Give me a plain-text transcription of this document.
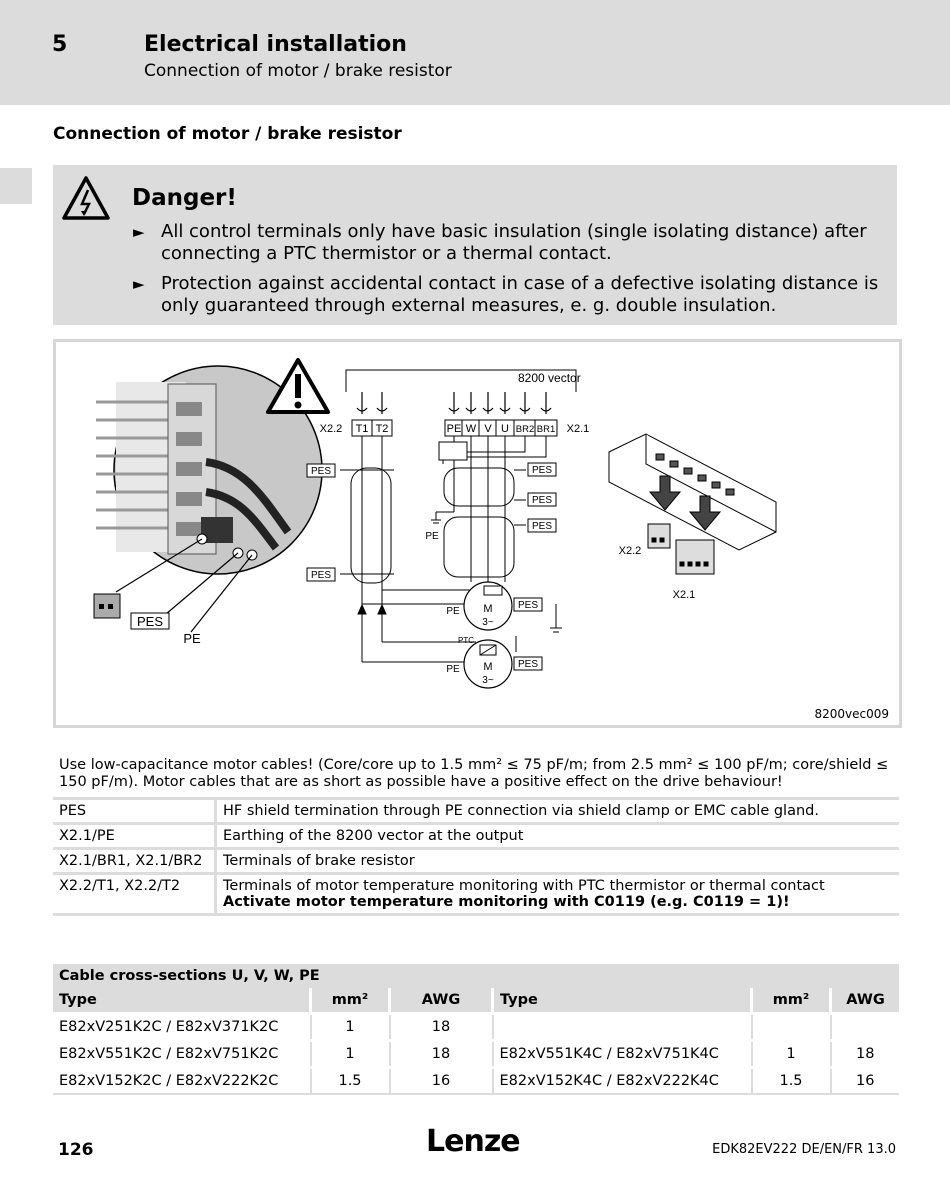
5	Electrical installation
Connection of motor / brake resistor
Connection of motor / brake resistor
Danger!
► All control terminals only have basic insulation (single isolating distance) after connecting a PTC thermistor or a thermal contact.
► Protection against accidental contact in case of a defective isolating distance is only guaranteed through external measures, e. g. double insulation.
PES
PE
8200 vector
X2.2 T1 T2	PE W V U BR2 BR1 X2.1
PES
PES
PES
PES
PES
PES
PES
PE
M
3~
PE
M
3~
PTC
PE
X2.2
X2.1
8200vec009
Use low-capacitance motor cables! (Core/core up to 1.5 mm² ≤ 75 pF/m; from 2.5 mm² ≤ 100 pF/m; core/shield ≤ 150 pF/m). Motor cables that are as short as possible have a positive effect on the drive behaviour!
PES	HF shield termination through PE connection via shield clamp or EMC cable gland.
X2.1/PE	Earthing of the 8200 vector at the output
X2.1/BR1, X2.1/BR2	Terminals of brake resistor
X2.2/T1, X2.2/T2	Terminals of motor temperature monitoring with PTC thermistor or thermal contact
Activate motor temperature monitoring with C0119 (e.g. C0119 = 1)!
Cable cross-sections U, V, W, PE					
Type	mm²	AWG	Type	mm²	AWG
E82xV251K2C / E82xV371K2C	1	18			
E82xV551K2C / E82xV751K2C	1	18	E82xV551K4C / E82xV751K4C	1	18
E82xV152K2C / E82xV222K2C	1.5	16	E82xV152K4C / E82xV222K4C	1.5	16
126	Lenze	EDK82EV222 DE/EN/FR 13.0
